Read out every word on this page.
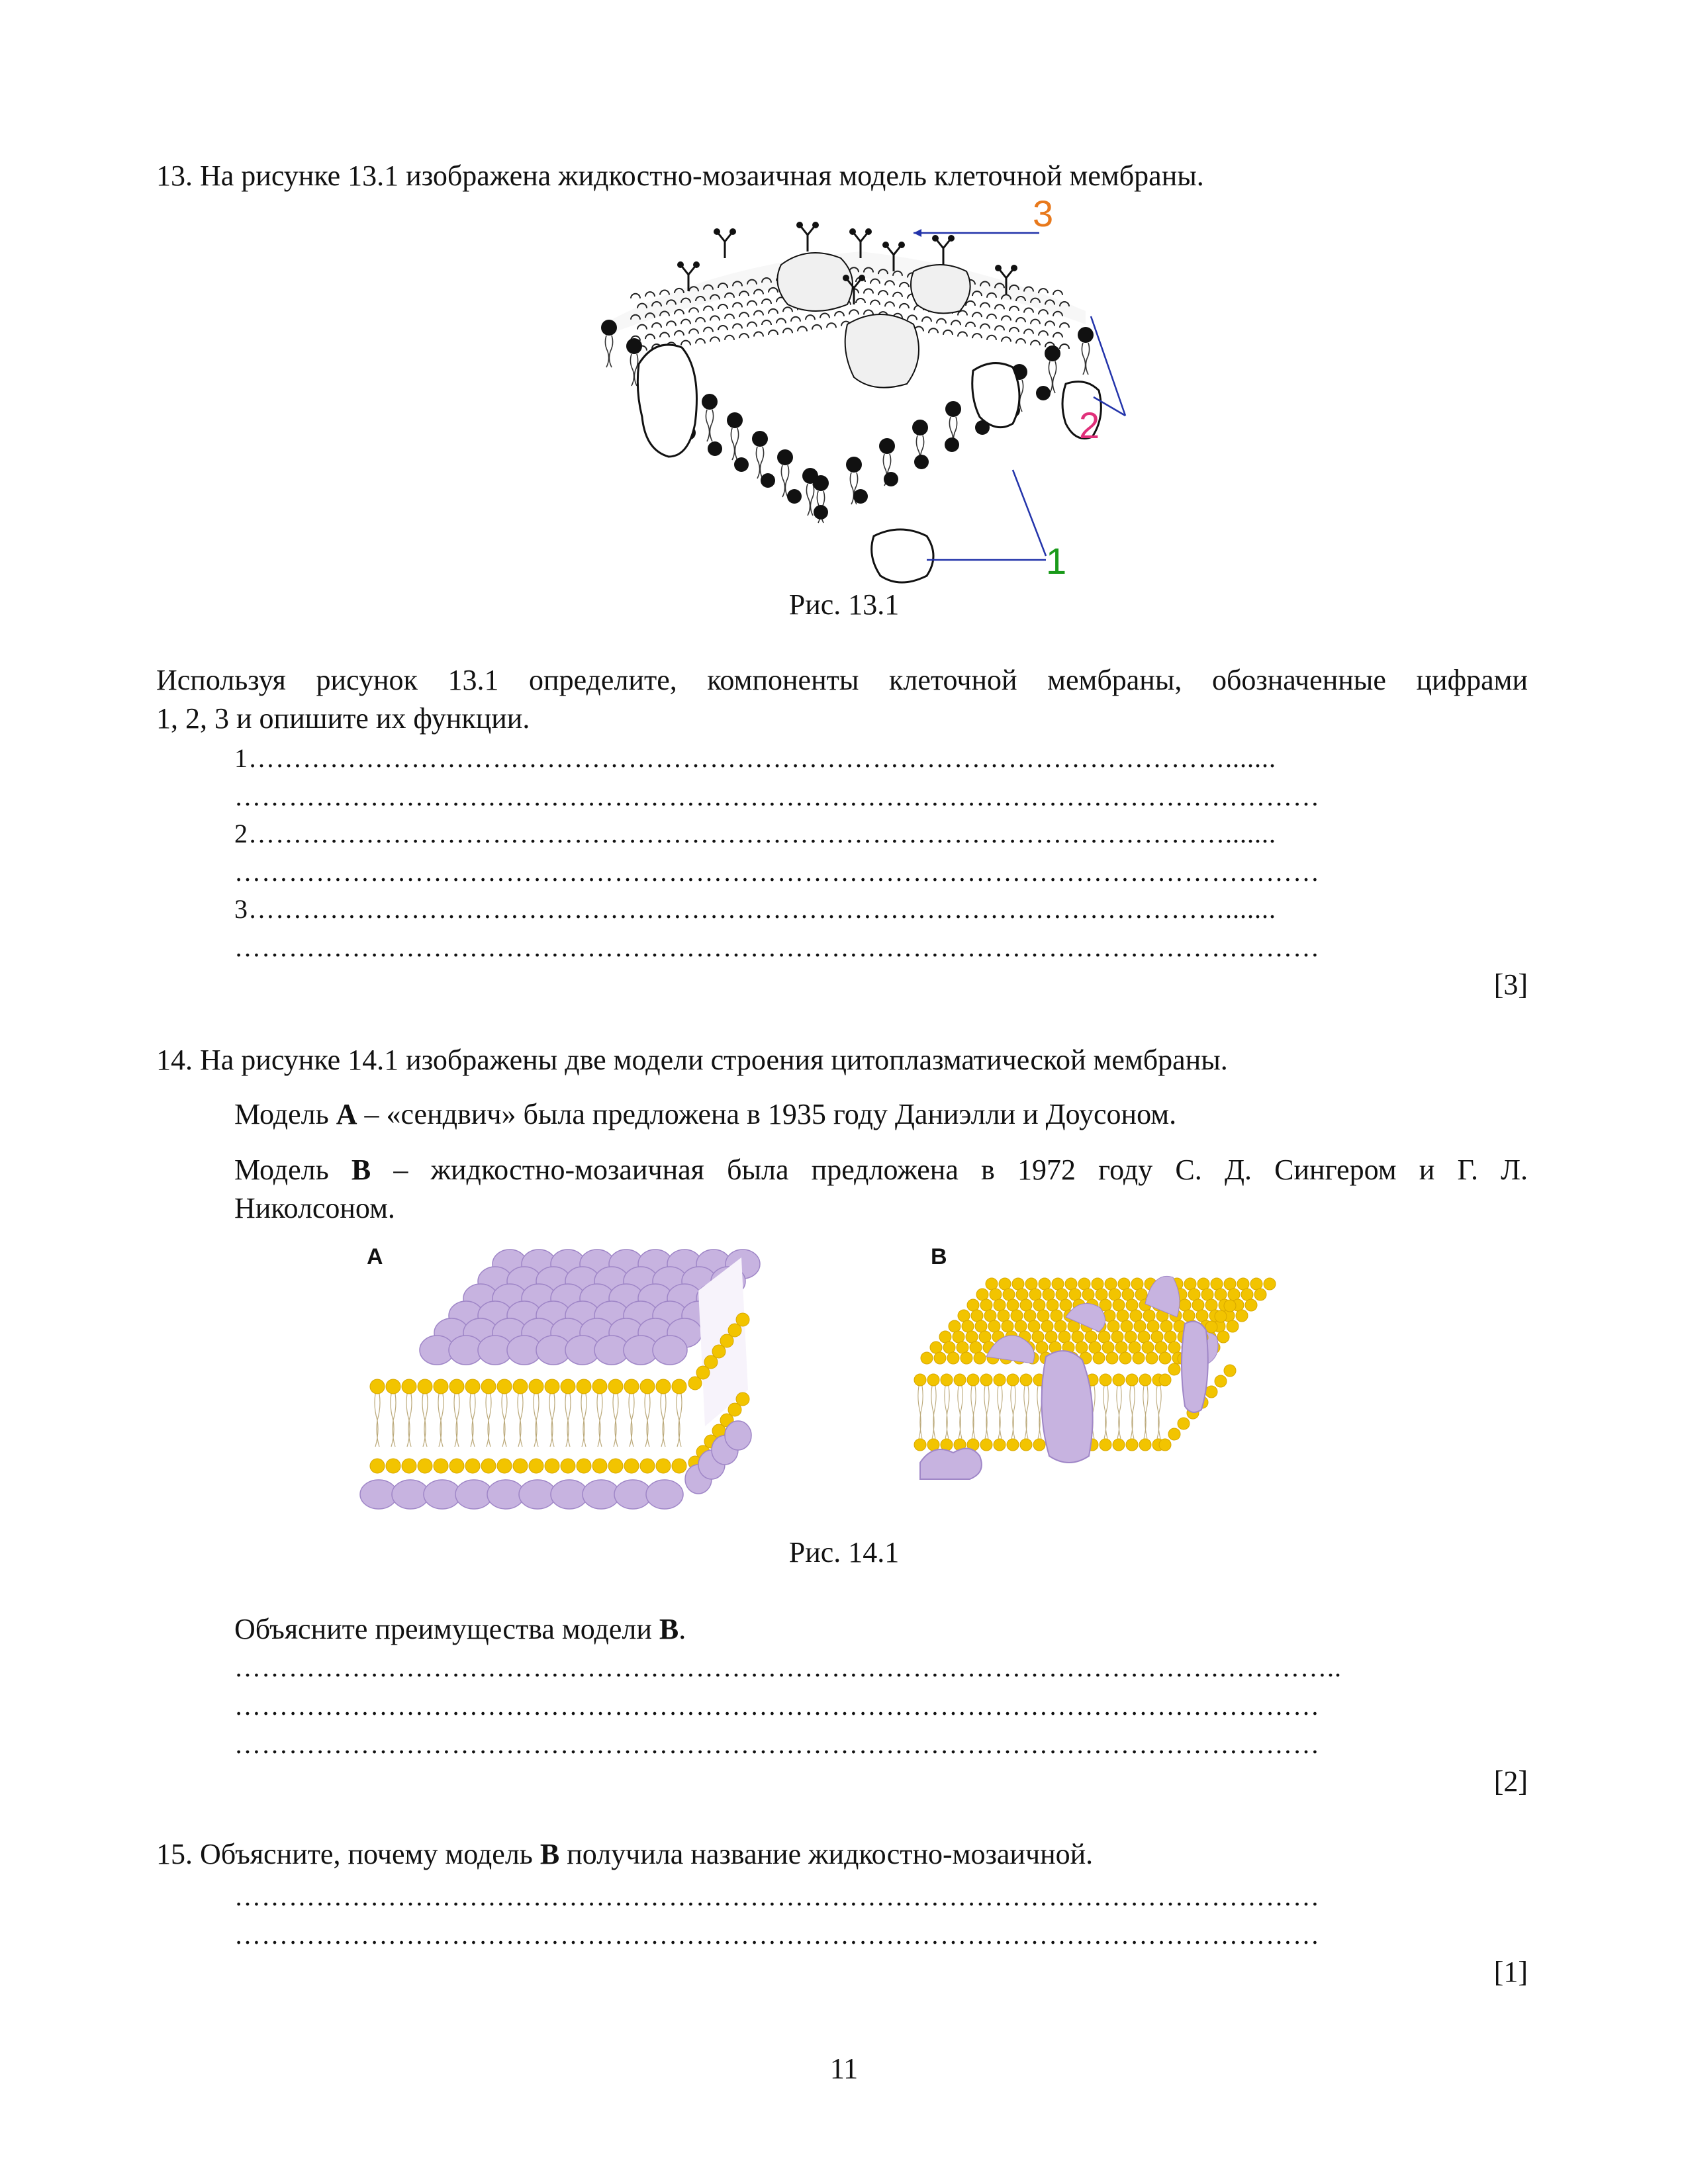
13. На рисунке 13.1 изображена жидкостно-мозаичная модель клеточной мембраны.
3
2
1
Рис. 13.1
Используя рисунок 13.1 определите, компоненты клеточной мембраны, обозначенные цифрами
1, 2, 3 и опишите их функции.
1……………………………………………………………………………………………….......
…………………………………………………………………………………………………………
2……………………………………………………………………………………………….......
…………………………………………………………………………………………………………
3……………………………………………………………………………………………….......
…………………………………………………………………………………………………………
[3]
14. На рисунке 14.1 изображены две модели строения цитоплазматической мембраны.
Модель А – «сендвич» была предложена в 1935 году Даниэлли и Доусоном.
Модель В – жидкостно-мозаичная была предложена в 1972 году С. Д. Сингером и Г. Л.
Николсоном.
A	B
Рис. 14.1
Объясните преимущества модели В.
……………………………………………………………………………………………….…………..
…………………………………………………………………………………………………………
…………………………………………………………………………………………………………
[2]
15. Объясните, почему модель В получила название жидкостно-мозаичной.
…………………………………………………………………………………………………………
…………………………………………………………………………………………………………
[1]
11
